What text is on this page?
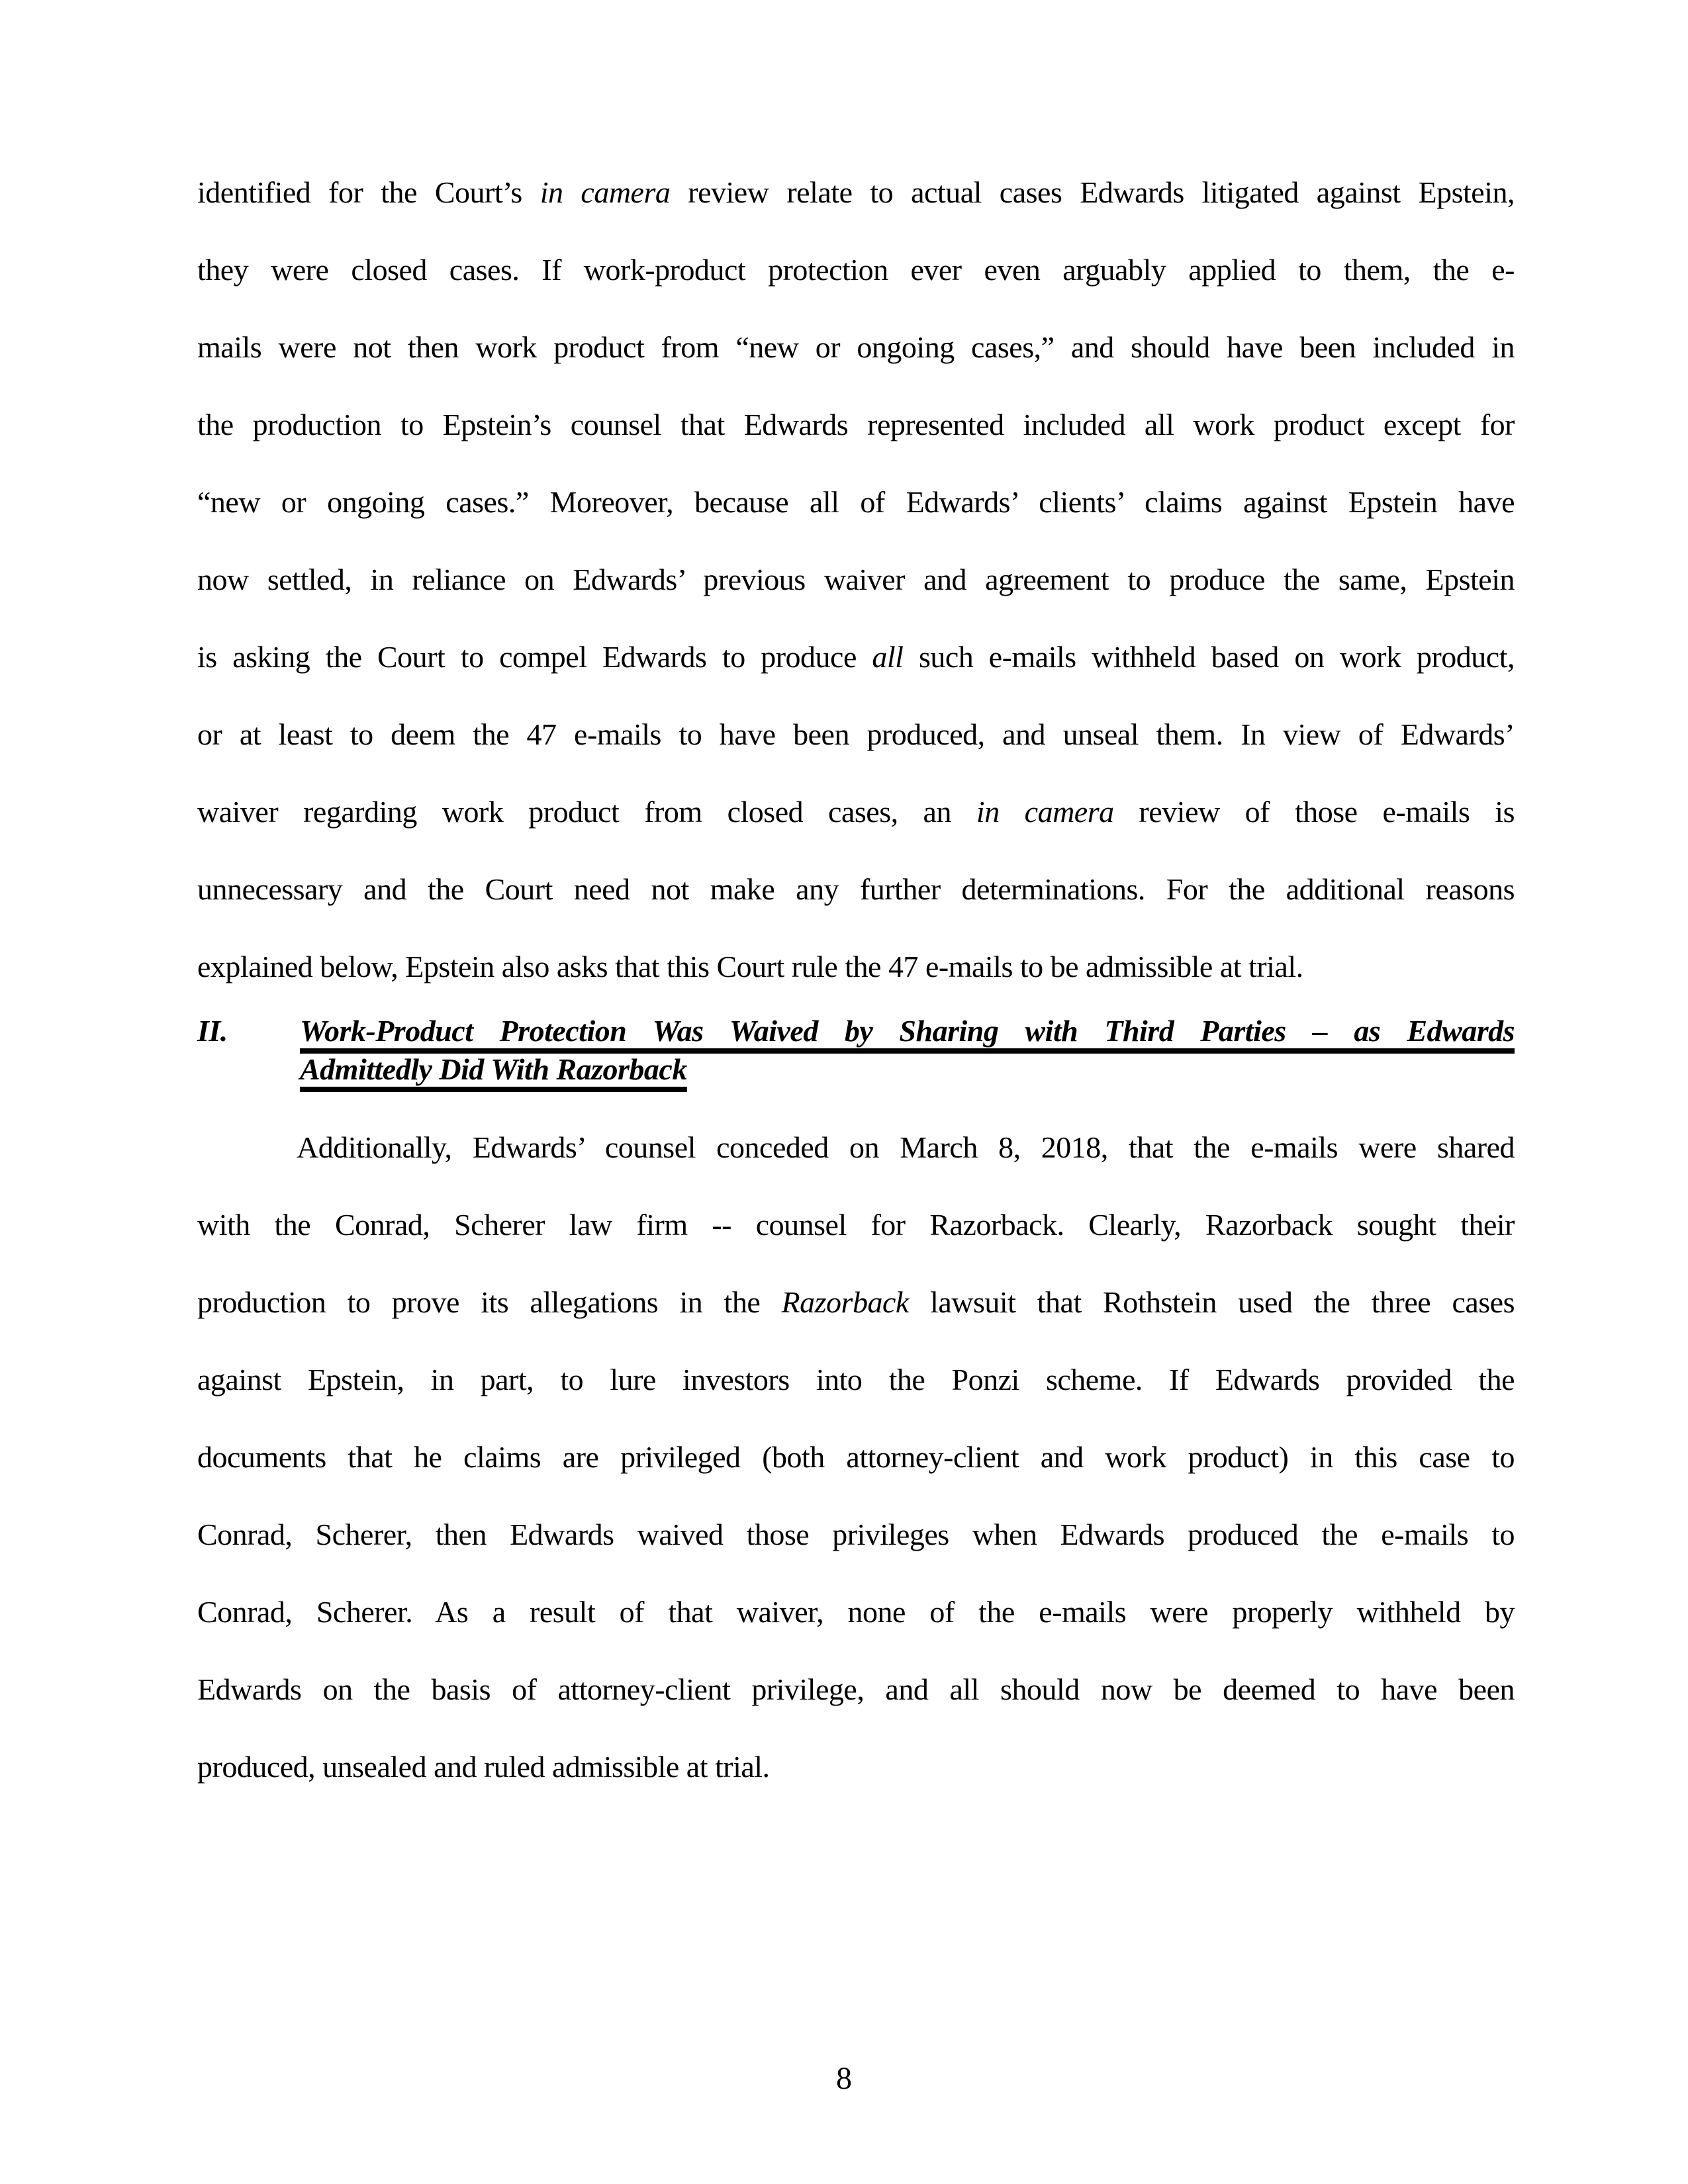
identified for the Court’s in camera review relate to actual cases Edwards litigated against Epstein,
they were closed cases. If work-product protection ever even arguably applied to them, the e-
mails were not then work product from “new or ongoing cases,” and should have been included in
the production to Epstein’s counsel that Edwards represented included all work product except for
“new or ongoing cases.” Moreover, because all of Edwards’ clients’ claims against Epstein have
now settled, in reliance on Edwards’ previous waiver and agreement to produce the same, Epstein
is asking the Court to compel Edwards to produce all such e-mails withheld based on work product,
or at least to deem the 47 e-mails to have been produced, and unseal them. In view of Edwards’
waiver regarding work product from closed cases, an in camera review of those e-mails is
unnecessary and the Court need not make any further determinations. For the additional reasons
explained below, Epstein also asks that this Court rule the 47 e-mails to be admissible at trial.
II.	Work-Product Protection Was Waived by Sharing with Third Parties – as Edwards
Admittedly Did With Razorback
Additionally, Edwards’ counsel conceded on March 8, 2018, that the e-mails were shared
with the Conrad, Scherer law firm -- counsel for Razorback. Clearly, Razorback sought their
production to prove its allegations in the Razorback lawsuit that Rothstein used the three cases
against Epstein, in part, to lure investors into the Ponzi scheme. If Edwards provided the
documents that he claims are privileged (both attorney-client and work product) in this case to
Conrad, Scherer, then Edwards waived those privileges when Edwards produced the e-mails to
Conrad, Scherer. As a result of that waiver, none of the e-mails were properly withheld by
Edwards on the basis of attorney-client privilege, and all should now be deemed to have been
produced, unsealed and ruled admissible at trial.
8
